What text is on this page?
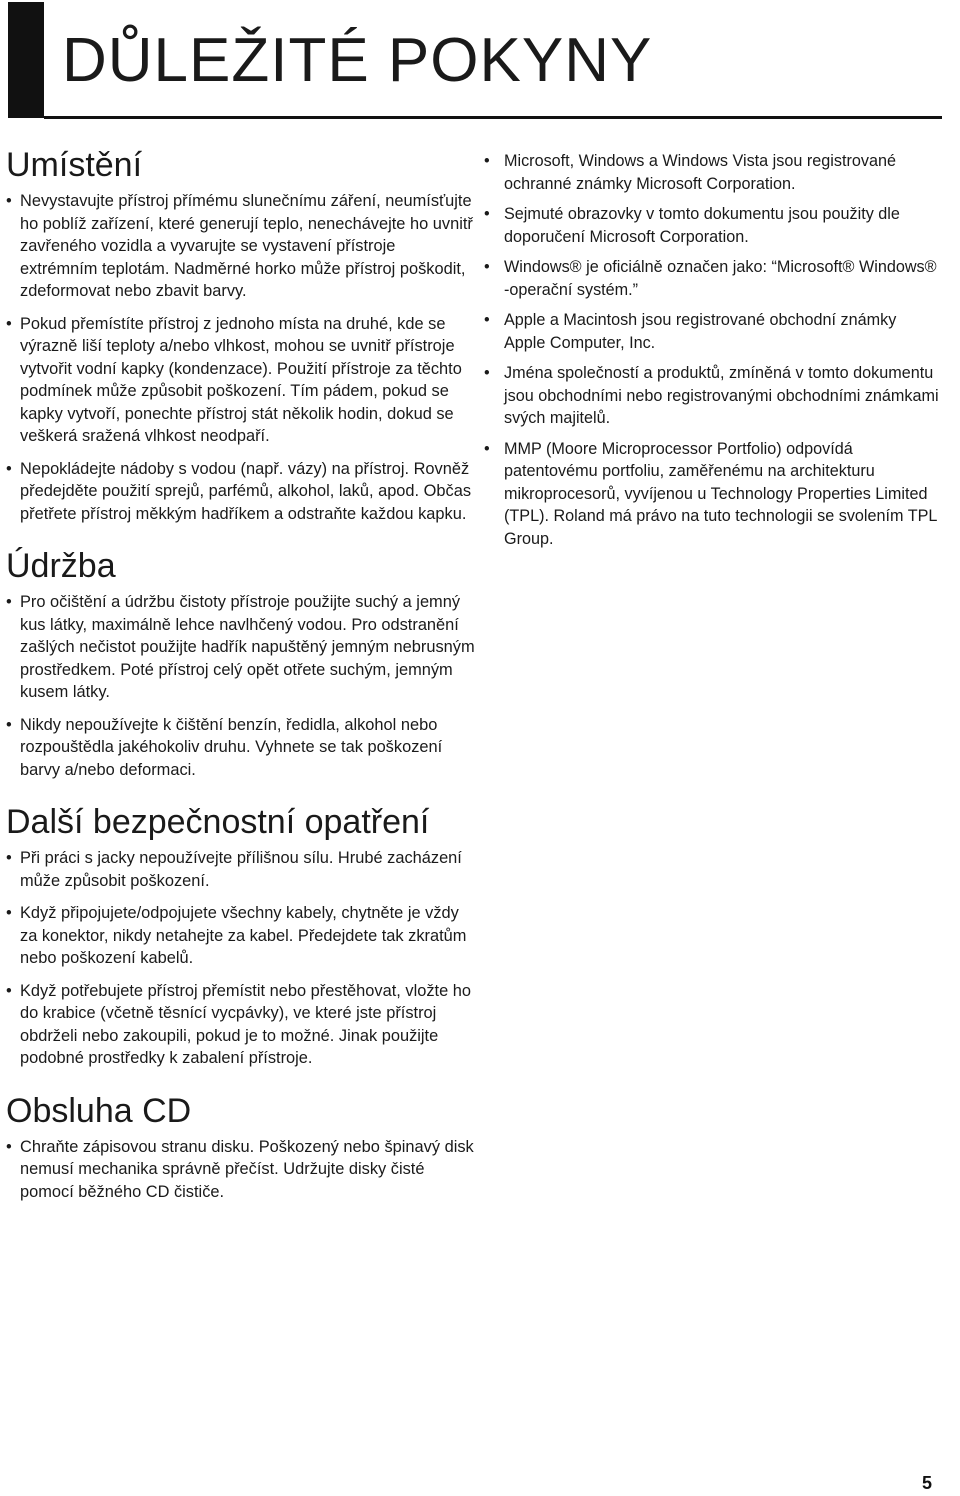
DŮLEŽITÉ POKYNY
Umístění
• Nevystavujte přístroj přímému slunečnímu záření, neumísťujte ho poblíž zařízení, které generují teplo, nenechávejte ho uvnitř zavřeného vozidla a vyvarujte se vystavení přístroje extrémním teplotám. Nadměrné horko může přístroj poškodit, zdeformovat nebo zbavit barvy.
• Pokud přemístíte přístroj z jednoho místa na druhé, kde se výrazně liší teploty a/nebo vlhkost, mohou se uvnitř přístroje vytvořit vodní kapky (kondenzace). Použití přístroje za těchto podmínek může způsobit poškození. Tím pádem, pokud se kapky vytvoří, ponechte přístroj stát několik hodin, dokud se veškerá sražená vlhkost neodpaří.
• Nepokládejte nádoby s vodou (např. vázy) na přístroj. Rovněž předejděte použití sprejů, parfémů, alkohol, laků, apod. Občas přetřete přístroj měkkým hadříkem a odstraňte každou kapku.
Údržba
• Pro očištění a údržbu čistoty přístroje použijte suchý a jemný kus látky, maximálně lehce navlhčený vodou. Pro odstranění zašlých nečistot použijte hadřík napuštěný jemným nebrusným prostředkem. Poté přístroj celý opět otřete suchým, jemným kusem látky.
• Nikdy nepoužívejte k čištění benzín, ředidla, alkohol nebo rozpouštědla jakéhokoliv druhu. Vyhnete se tak poškození barvy a/nebo deformaci.
Další bezpečnostní opatření
• Při práci s jacky nepoužívejte přílišnou sílu. Hrubé zacházení může způsobit poškození.
• Když připojujete/odpojujete všechny kabely, chytněte je vždy za konektor, nikdy netahejte za kabel. Předejdete tak zkratům nebo poškození kabelů.
• Když potřebujete přístroj přemístit nebo přestěhovat, vložte ho do krabice (včetně těsnící vycpávky), ve které jste přístroj obdrželi nebo zakoupili, pokud je to možné. Jinak použijte podobné prostředky k zabalení přístroje.
Obsluha CD
• Chraňte zápisovou stranu disku. Poškozený nebo špinavý disk nemusí mechanika správně přečíst. Udržujte disky čisté pomocí běžného CD čističe.
• Microsoft, Windows a Windows Vista jsou registrované ochranné známky Microsoft Corporation.
• Sejmuté obrazovky v tomto dokumentu jsou použity dle doporučení Microsoft Corporation.
• Windows® je oficiálně označen jako: “Microsoft® Windows® -operační systém.”
• Apple a Macintosh jsou registrované obchodní známky Apple Computer, Inc.
• Jména společností a produktů, zmíněná v tomto dokumentu jsou obchodními nebo registrovanými obchodními známkami svých majitelů.
• MMP (Moore Microprocessor Portfolio) odpovídá patentovému portfoliu, zaměřenému na architekturu mikroprocesorů, vyvíjenou u Technology Properties Limited (TPL). Roland má právo na tuto technologii se svolením TPL Group.
5
